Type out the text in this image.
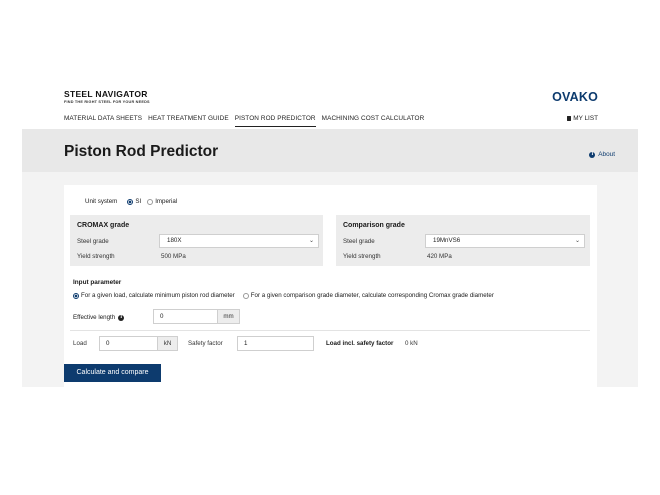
STEEL NAVIGATOR
FIND THE RIGHT STEEL FOR YOUR NEEDS	OVAKO
MATERIAL DATA SHEETS HEAT TREATMENT GUIDE PISTON ROD PREDICTOR MACHINING COST CALCULATOR	MY LIST
Piston Rod Predictor	i About
Unit system	SI Imperial
CROMAX grade
Steel grade	180X	⌄
Yield strength	500 MPa
Comparison grade
Steel grade	19MnVS6	⌄
Yield strength	420 MPa
Input parameter
For a given load, calculate minimum piston rod diameter	For a given comparison grade diameter, calculate corresponding Cromax grade diameter
Effective length	i	0	mm
Load	0	kN	Safety factor	1	Load incl. safety factor 0 kN
Calculate and compare
